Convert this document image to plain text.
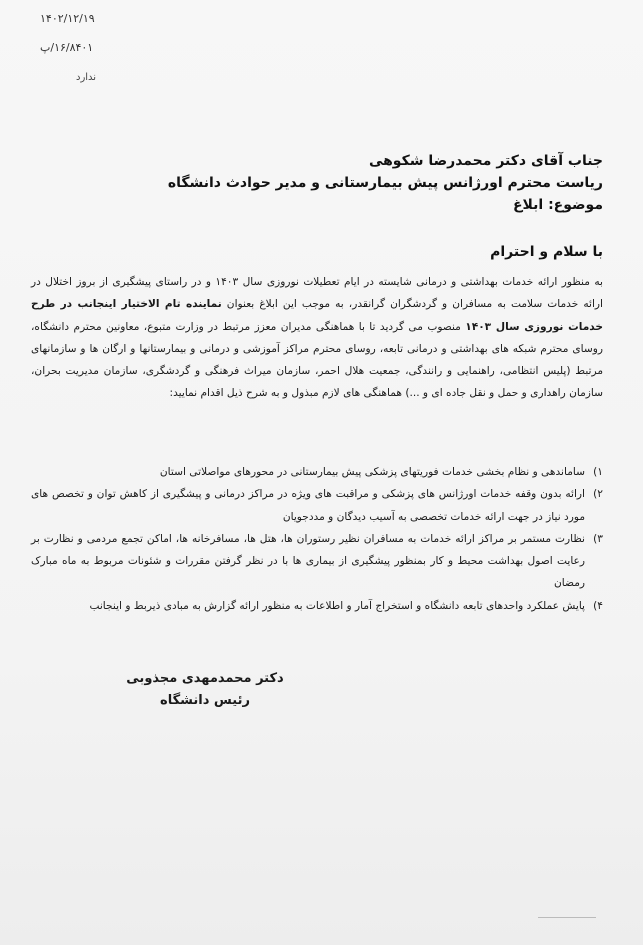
۱۴۰۲/۱۲/۱۹
۱۶/۸۴۰۱/پ
ندارد
جناب آقای دکتر محمدرضا شکوهی
ریاست محترم اورژانس پیش بیمارستانی و مدیر حوادث دانشگاه
موضوع: ابلاغ
با سلام و احترام
به منظور ارائه خدمات بهداشتی و درمانی شایسته در ایام تعطیلات نوروزی سال ۱۴۰۳ و در راستای پیشگیری از بروز اختلال در ارائه خدمات سلامت به مسافران و گردشگران گرانقدر، به موجب این ابلاغ بعنوان نماینده تام الاختیار اینجانب در طرح خدمات نوروزی سال ۱۴۰۳ منصوب می گردید تا با هماهنگی مدیران معزز مرتبط در وزارت متبوع، معاونین محترم دانشگاه، روسای محترم شبکه های بهداشتی و درمانی تابعه، روسای محترم مراکز آموزشی و درمانی و بیمارستانها و ارگان ها و سازمانهای مرتبط (پلیس انتظامی، راهنمایی و رانندگی، جمعیت هلال احمر، سازمان میراث فرهنگی و گردشگری، سازمان مدیریت بحران، سازمان راهداری و حمل و نقل جاده ای و ...) هماهنگی های لازم مبذول و به شرح ذیل اقدام نمایید:
۱)
ساماندهی و نظام بخشی خدمات فوریتهای پزشکی پیش بیمارستانی در محورهای مواصلاتی استان
۲)
ارائه بدون وقفه خدمات اورژانس های پزشکی و مراقبت های ویژه در مراکز درمانی و پیشگیری از کاهش توان و تخصص های مورد نیاز در جهت ارائه خدمات تخصصی به آسیب دیدگان و مددجویان
۳)
نظارت مستمر بر مراکز ارائه خدمات به مسافران نظیر رستوران ها، هتل ها، مسافرخانه ها، اماکن تجمع مردمی و نظارت بر رعایت اصول بهداشت محیط و کار بمنظور پیشگیری از بیماری ها با در نظر گرفتن مقررات و شئونات مربوط به ماه مبارک رمضان
۴)
پایش عملکرد واحدهای تابعه دانشگاه و استخراج آمار و اطلاعات به منظور ارائه گزارش به مبادی ذیربط و اینجانب
دکتر محمدمهدی مجذوبی
رئیس دانشگاه
